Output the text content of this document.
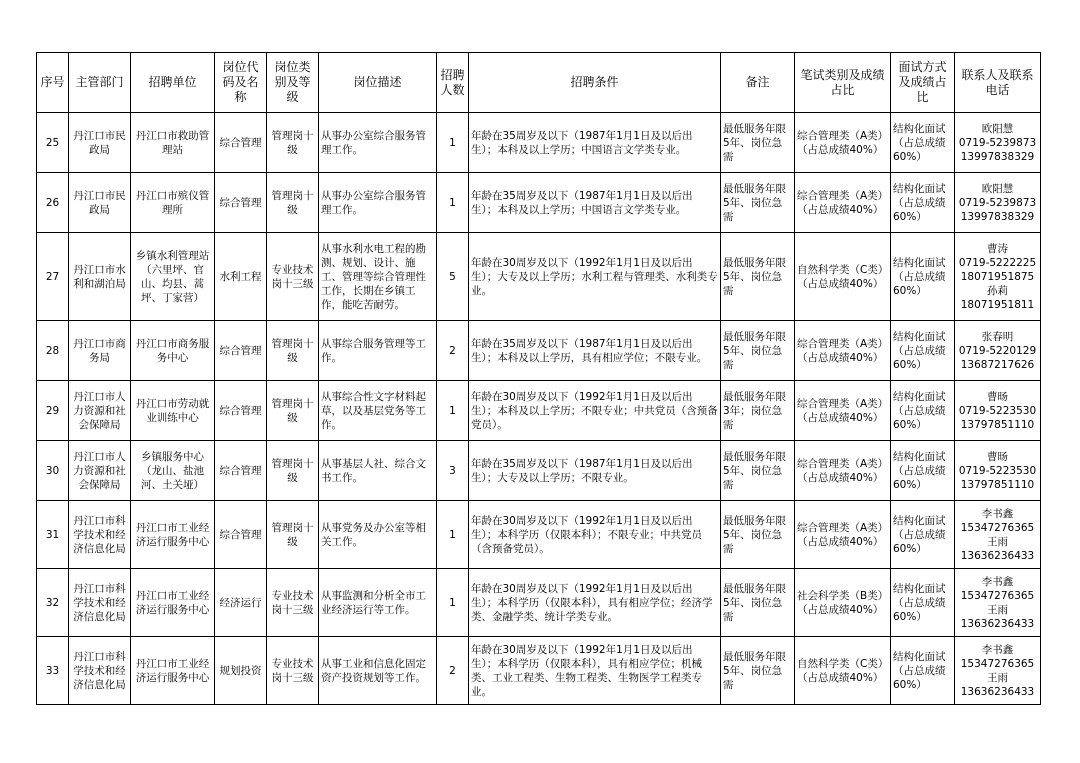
序号	主管部门	招聘单位	岗位代码及名称	岗位类别及等级	岗位描述	招聘人数	招聘条件	备注	笔试类别及成绩占比	面试方式及成绩占比	联系人及联系电话
25	丹江口市民政局	丹江口市救助管理站	综合管理	管理岗十级	从事办公室综合服务管理工作。	1	年龄在35周岁及以下（1987年1月1日及以后出生）；本科及以上学历；中国语言文学类专业。	最低服务年限5年、岗位急需	综合管理类（A类）（占总成绩40%）	结构化面试（占总成绩60%）	欧阳慧
0719-5239873
13997838329

26	丹江口市民政局	丹江口市殡仪管理所	综合管理	管理岗十级	从事办公室综合服务管理工作。	1	年龄在35周岁及以下（1987年1月1日及以后出生）；本科及以上学历；中国语言文学类专业。	最低服务年限5年、岗位急需	综合管理类（A类）（占总成绩40%）	结构化面试（占总成绩60%）	欧阳慧
0719-5239873
13997838329

27	丹江口市水利和湖泊局	乡镇水利管理站（六里坪、官山、均县、蒿坪、丁家营）	水利工程	专业技术岗十三级	从事水利水电工程的勘测、规划、设计、施工、管理等综合管理性工作，长期在乡镇工作，能吃苦耐劳。	5	年龄在30周岁及以下（1992年1月1日及以后出生）；大专及以上学历；水利工程与管理类、水利类专业。	最低服务年限5年、岗位急需	自然科学类（C类）（占总成绩40%）	结构化面试（占总成绩60%）	曹涛
0719-5222225
18071951875
孙莉
18071951811

28	丹江口市商务局	丹江口市商务服务中心	综合管理	管理岗十级	从事综合服务管理等工作。	2	年龄在35周岁及以下（1987年1月1日及以后出生）；本科及以上学历，具有相应学位；不限专业。	最低服务年限5年、岗位急需	综合管理类（A类）（占总成绩40%）	结构化面试（占总成绩60%）	张春明
0719-5220129
13687217626

29	丹江口市人力资源和社会保障局	丹江口市劳动就业训练中心	综合管理	管理岗十级	从事综合性文字材料起草，以及基层党务等工作。	1	年龄在30周岁及以下（1992年1月1日及以后出生）；本科及以上学历；不限专业；中共党员（含预备党员）。	最低服务年限3年；岗位急需	综合管理类（A类）（占总成绩40%）	结构化面试（占总成绩60%）	曹旸
0719-5223530
13797851110

30	丹江口市人力资源和社会保障局	乡镇服务中心（龙山、盐池河、土关垭）	综合管理	管理岗十级	从事基层人社、综合文书工作。	3	年龄在35周岁及以下（1987年1月1日及以后出生）；大专及以上学历；不限专业。	最低服务年限5年、岗位急需	综合管理类（A类）（占总成绩40%）	结构化面试（占总成绩60%）	曹旸
0719-5223530
13797851110

31	丹江口市科学技术和经济信息化局	丹江口市工业经济运行服务中心	综合管理	管理岗十级	从事党务及办公室等相关工作。	1	年龄在30周岁及以下（1992年1月1日及以后出生）；本科学历（仅限本科）；不限专业；中共党员（含预备党员）。	最低服务年限5年、岗位急需	综合管理类（A类）（占总成绩40%）	结构化面试（占总成绩60%）	李书鑫
15347276365
王雨
13636236433

32	丹江口市科学技术和经济信息化局	丹江口市工业经济运行服务中心	经济运行	专业技术岗十三级	从事监测和分析全市工业经济运行等工作。	1	年龄在30周岁及以下（1992年1月1日及以后出生）；本科学历（仅限本科），具有相应学位；经济学类、金融学类、统计学类专业。	最低服务年限5年、岗位急需	社会科学类（B类）（占总成绩40%）	结构化面试（占总成绩60%）	李书鑫
15347276365
王雨
13636236433

33	丹江口市科学技术和经济信息化局	丹江口市工业经济运行服务中心	规划投资	专业技术岗十三级	从事工业和信息化固定资产投资规划等工作。	2	年龄在30周岁及以下（1992年1月1日及以后出生）；本科学历（仅限本科），具有相应学位；机械类、工业工程类、生物工程类、生物医学工程类专业。	最低服务年限5年、岗位急需	自然科学类（C类）（占总成绩40%）	结构化面试（占总成绩60%）	李书鑫
15347276365
王雨
13636236433
